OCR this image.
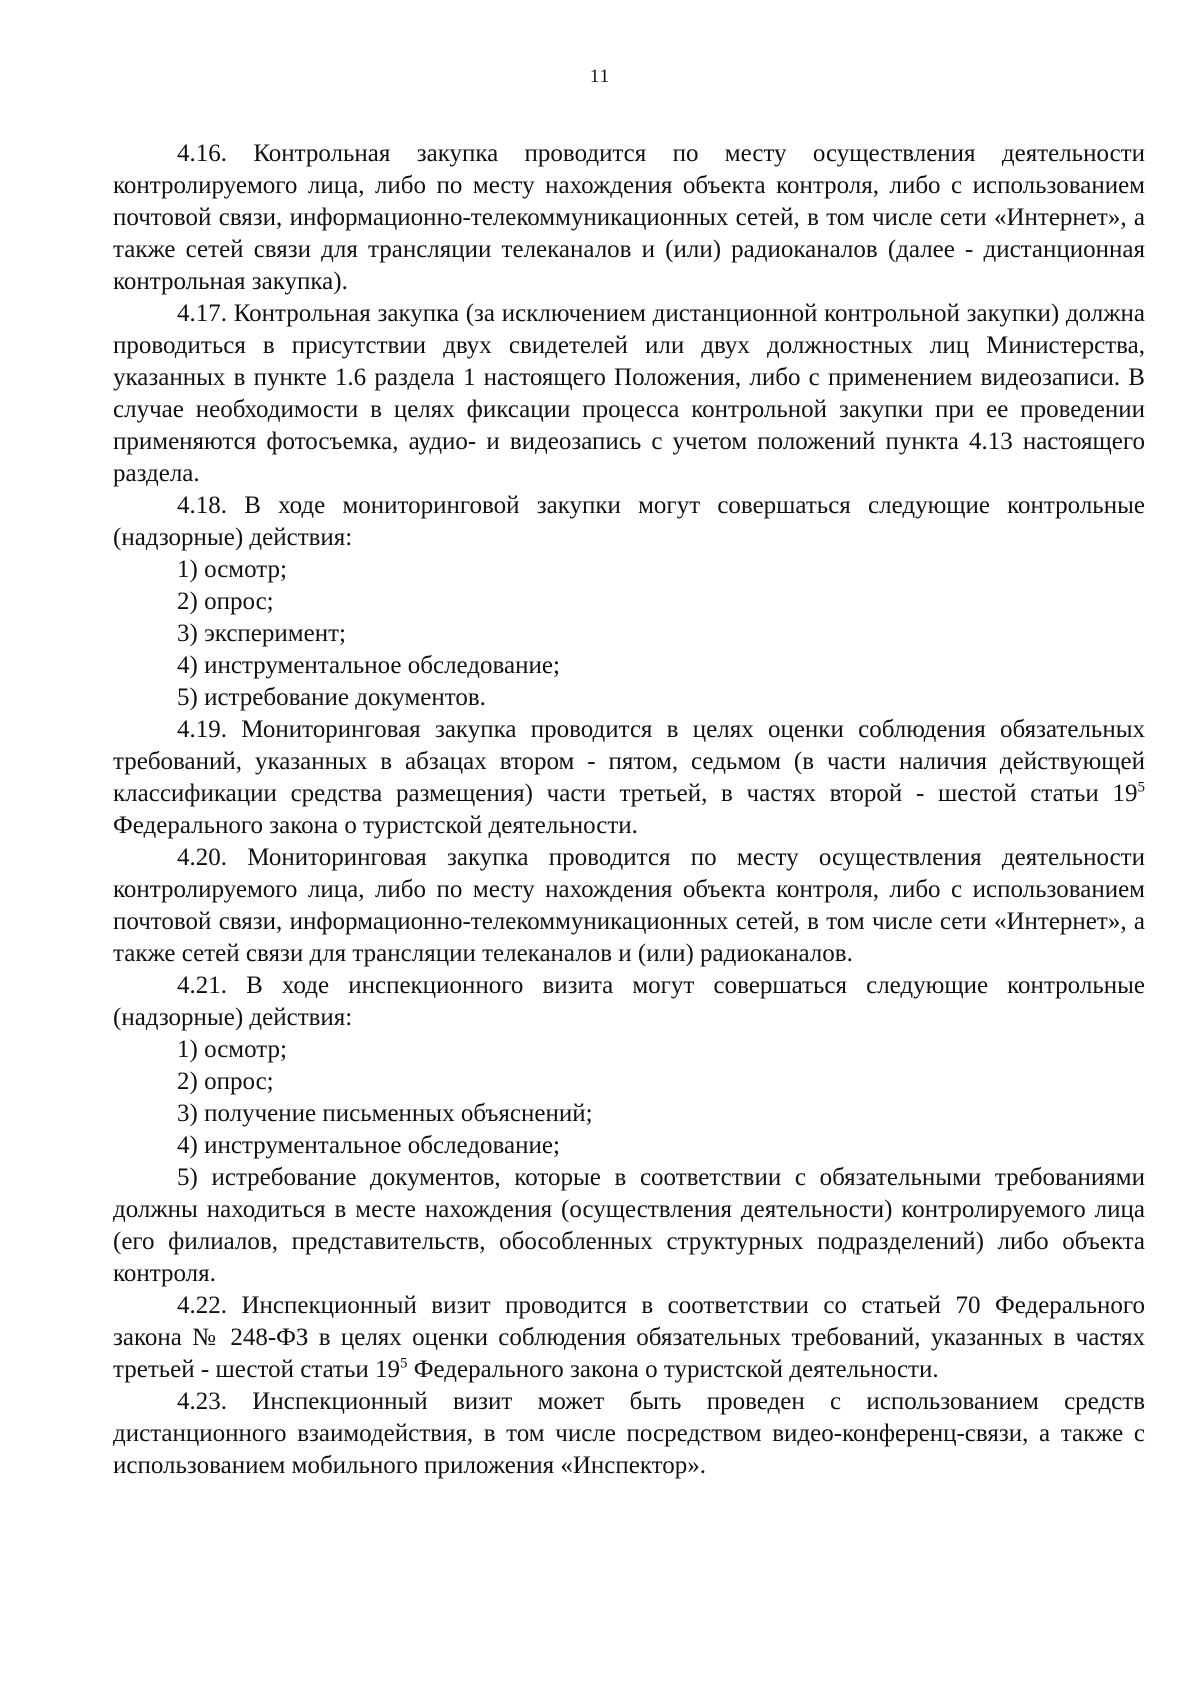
11

4.16. Контрольная закупка проводится по месту осуществления деятельности контролируемого лица, либо по месту нахождения объекта контроля, либо с использованием почтовой связи, информационно-телекоммуникационных сетей, в том числе сети «Интернет», а также сетей связи для трансляции телеканалов и (или) радиоканалов (далее - дистанционная контрольная закупка).

4.17. Контрольная закупка (за исключением дистанционной контрольной закупки) должна проводиться в присутствии двух свидетелей или двух должностных лиц Министерства, указанных в пункте 1.6 раздела 1 настоящего Положения, либо с применением видеозаписи. В случае необходимости в целях фиксации процесса контрольной закупки при ее проведении применяются фотосъемка, аудио- и видеозапись с учетом положений пункта 4.13 настоящего раздела.

4.18. В ходе мониторинговой закупки могут совершаться следующие контрольные (надзорные) действия:

1) осмотр;

2) опрос;

3) эксперимент;

4) инструментальное обследование;

5) истребование документов.

4.19. Мониторинговая закупка проводится в целях оценки соблюдения обязательных требований, указанных в абзацах втором - пятом, седьмом (в части наличия действующей классификации средства размещения) части третьей, в частях второй - шестой статьи $19^5$ Федерального закона о туристской деятельности.

4.20. Мониторинговая закупка проводится по месту осуществления деятельности контролируемого лица, либо по месту нахождения объекта контроля, либо с использованием почтовой связи, информационно-телекоммуникационных сетей, в том числе сети «Интернет», а также сетей связи для трансляции телеканалов и (или) радиоканалов.

4.21. В ходе инспекционного визита могут совершаться следующие контрольные (надзорные) действия:

1) осмотр;

2) опрос;

3) получение письменных объяснений;

4) инструментальное обследование;

5) истребование документов, которые в соответствии с обязательными требованиями должны находиться в месте нахождения (осуществления деятельности) контролируемого лица (его филиалов, представительств, обособленных структурных подразделений) либо объекта контроля.

4.22. Инспекционный визит проводится в соответствии со статьей 70 Федерального закона № 248-ФЗ в целях оценки соблюдения обязательных требований, указанных в частях третьей - шестой статьи $19^5$ Федерального закона о туристской деятельности.

4.23. Инспекционный визит может быть проведен с использованием средств дистанционного взаимодействия, в том числе посредством видео-конференц-связи, а также с использованием мобильного приложения «Инспектор».
